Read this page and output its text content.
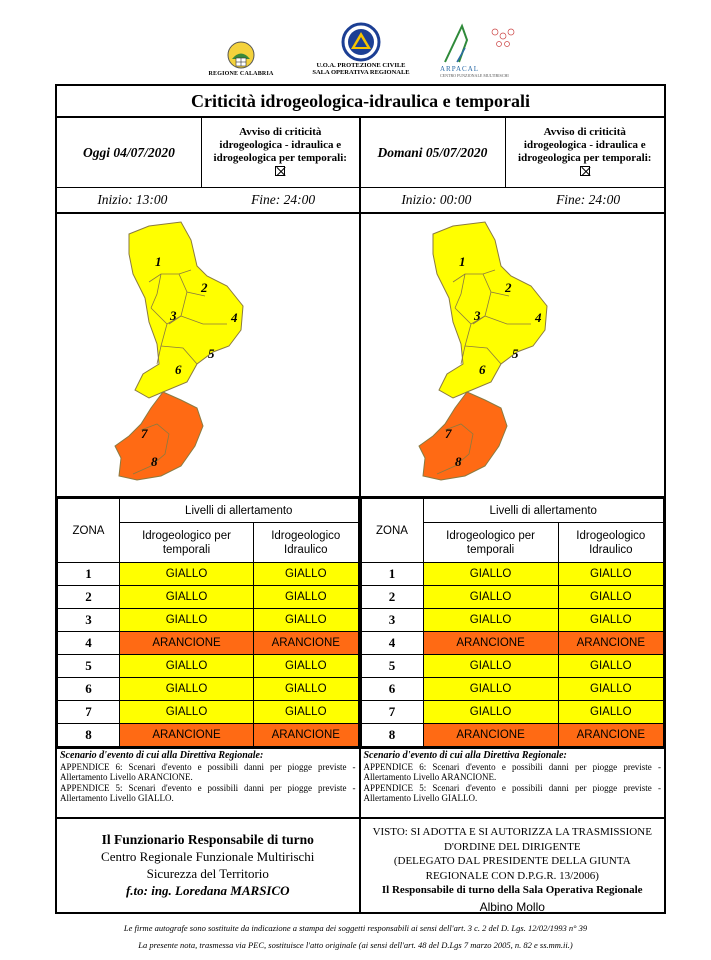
REGIONE CALABRIA
U.O.A. PROTEZIONE CIVILE
SALA OPERATIVA REGIONALE	ARPACAL
CENTRO FUNZIONALE MULTIRISCHI
Criticità idrogeologica-idraulica e temporali
Oggi 04/07/2020
Avviso di criticità
idrogeologica - idraulica e
idrogeologica per temporali:
Inizio: 13:00	Fine: 24:00
1
2
3	4
5
6
7
8
ZONA	Livelli di allertamento	
	Idrogeologico per
temporali	Idrogeologico
Idraulico
1	GIALLO	GIALLO
2	GIALLO	GIALLO
3	GIALLO	GIALLO
4	ARANCIONE	ARANCIONE
5	GIALLO	GIALLO
6	GIALLO	GIALLO
7	GIALLO	GIALLO
8	ARANCIONE	ARANCIONE
Scenario d'evento di cui alla Direttiva Regionale:

APPENDICE 6: Scenari d'evento e possibili danni per piogge previste - Allertamento Livello ARANCIONE.

APPENDICE 5: Scenari d'evento e possibili danni per piogge previste - Allertamento Livello GIALLO.

Il Funzionario Responsabile di turno
Centro Regionale Funzionale Multirischi
Sicurezza del Territorio
f.to: ing. Loredana MARSICO
Domani 05/07/2020
Avviso di criticità
idrogeologica - idraulica e
idrogeologica per temporali:
Inizio: 00:00	Fine: 24:00
1
2
3	4
5
6
7
8
ZONA	Livelli di allertamento	
	Idrogeologico per
temporali	Idrogeologico
Idraulico
1	GIALLO	GIALLO
2	GIALLO	GIALLO
3	GIALLO	GIALLO
4	ARANCIONE	ARANCIONE
5	GIALLO	GIALLO
6	GIALLO	GIALLO
7	GIALLO	GIALLO
8	ARANCIONE	ARANCIONE
Scenario d'evento di cui alla Direttiva Regionale:

APPENDICE 6: Scenari d'evento e possibili danni per piogge previste - Allertamento Livello ARANCIONE.

APPENDICE 5: Scenari d'evento e possibili danni per piogge previste - Allertamento Livello GIALLO.

VISTO: SI ADOTTA E SI AUTORIZZA LA TRASMISSIONE
D'ORDINE DEL DIRIGENTE
(DELEGATO DAL PRESIDENTE DELLA GIUNTA
REGIONALE CON D.P.G.R. 13/2006)
Il Responsabile di turno della Sala Operativa Regionale
Albino Mollo
Le firme autografe sono sostituite da indicazione a stampa dei soggetti responsabili ai sensi dell'art. 3 c. 2 del D. Lgs. 12/02/1993 n° 39
La presente nota, trasmessa via PEC, sostituisce l'atto originale (ai sensi dell'art. 48 del D.Lgs 7 marzo 2005, n. 82 e ss.mm.ii.)
